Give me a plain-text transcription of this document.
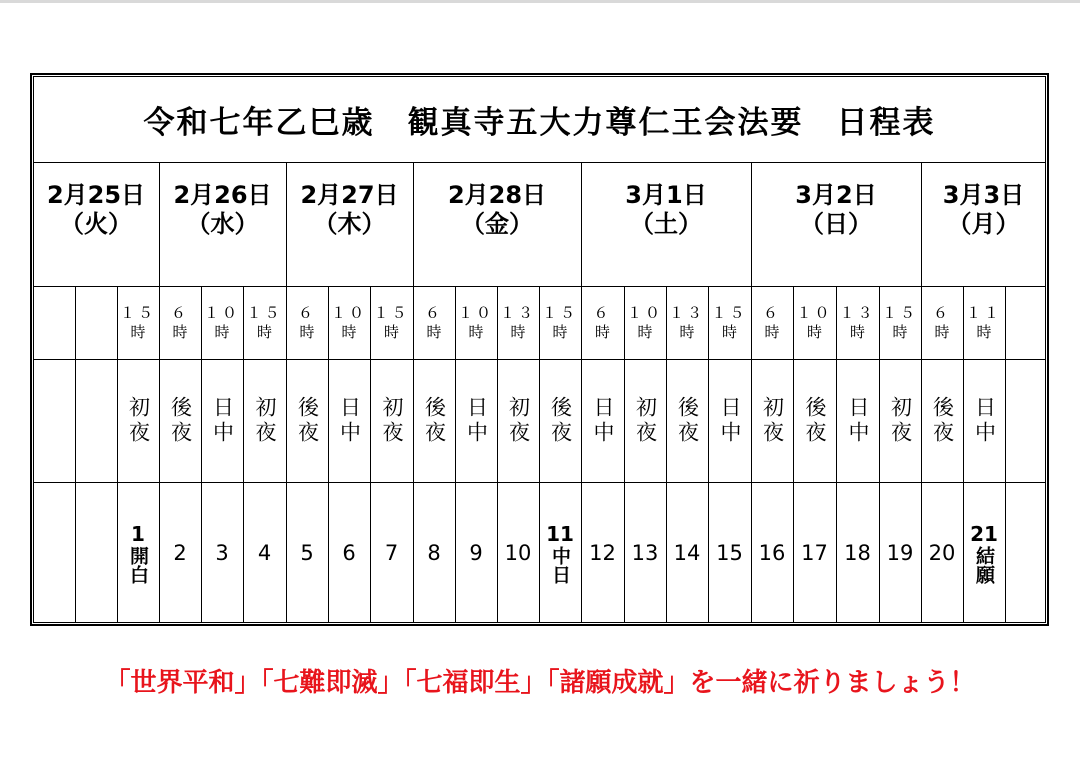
令和七年乙巳歳　観真寺五大力尊仁王会法要　日程表
2月25日
（火）
2月26日
（水）
2月27日
（木）
2月28日
（金）
3月1日
（土）
3月2日
（日）
3月3日
（月）
１５
時
初夜
1
開白
６
時
後夜
2
１０
時
日中
3
１５
時
初夜
4
６
時
後夜
5
１０
時
日中
6
１５
時
初夜
7
６
時
後夜
8
１０
時
日中
9
１３
時
初夜
10
１５
時
後夜
11
中日
６
時
日中
12
１０
時
初夜
13
１３
時
後夜
14
１５
時
日中
15
６
時
初夜
16
１０
時
後夜
17
１３
時
日中
18
１５
時
初夜
19
６
時
後夜
20
１１
時
日中
21
結願
「世界平和」「七難即滅」「七福即生」「諸願成就」を一緒に祈りましょう！
